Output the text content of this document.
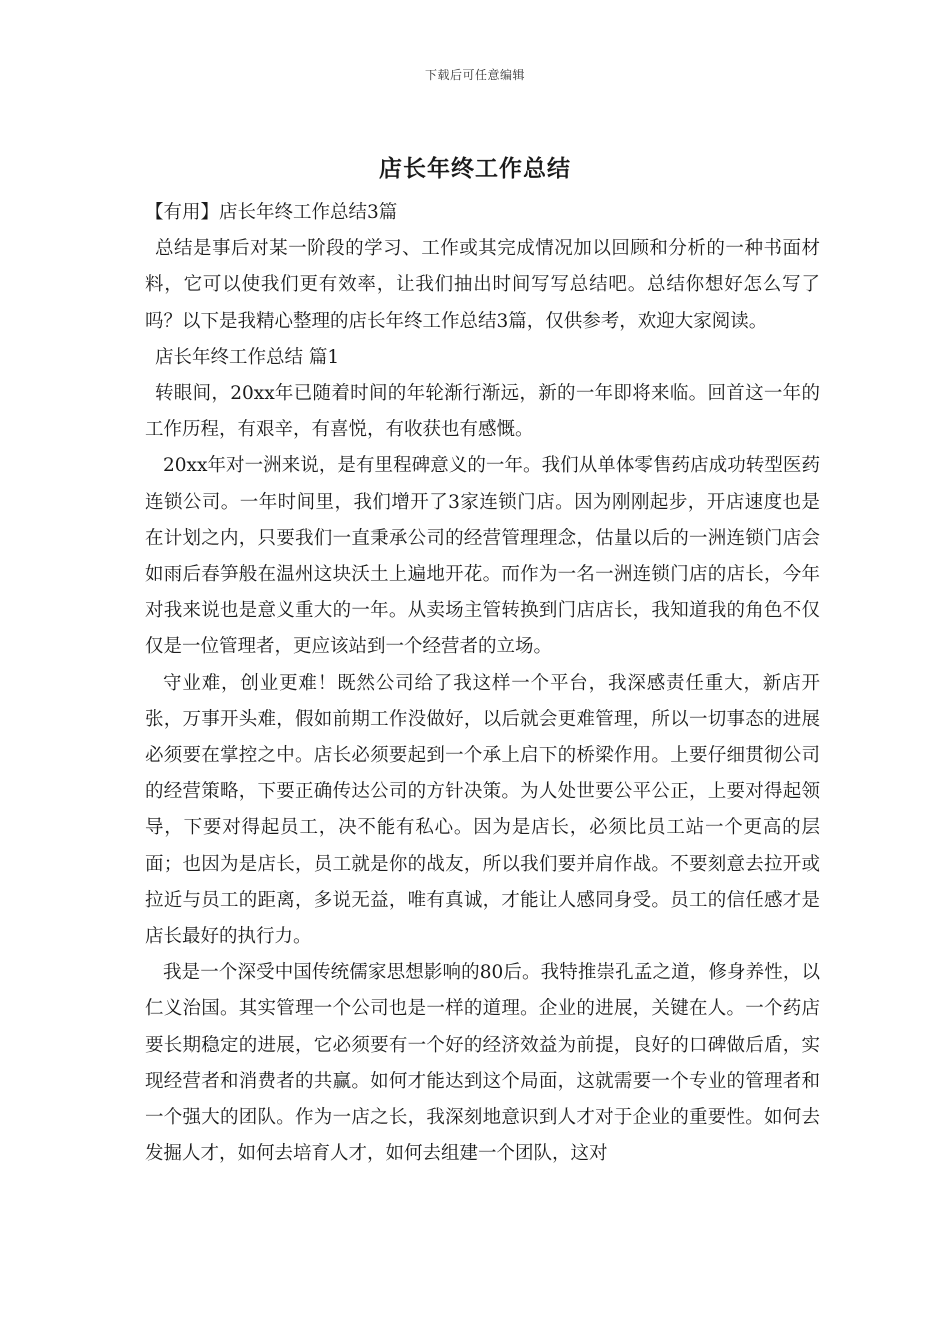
下载后可任意编辑
店长年终工作总结

【有用】店长年终工作总结3篇

总结是事后对某一阶段的学习、工作或其完成情况加以回顾和分析的一种书面材料，它可以使我们更有效率，让我们抽出时间写写总结吧。总结你想好怎么写了吗？以下是我精心整理的店长年终工作总结3篇，仅供参考，欢迎大家阅读。

店长年终工作总结 篇1

转眼间，20xx年已随着时间的年轮渐行渐远，新的一年即将来临。回首这一年的工作历程，有艰辛，有喜悦，有收获也有感慨。

20xx年对一洲来说，是有里程碑意义的一年。我们从单体零售药店成功转型医药连锁公司。一年时间里，我们增开了3家连锁门店。因为刚刚起步，开店速度也是在计划之内，只要我们一直秉承公司的经营管理理念，估量以后的一洲连锁门店会如雨后春笋般在温州这块沃土上遍地开花。而作为一名一洲连锁门店的店长，今年对我来说也是意义重大的一年。从卖场主管转换到门店店长，我知道我的角色不仅仅是一位管理者，更应该站到一个经营者的立场。

守业难，创业更难！既然公司给了我这样一个平台，我深感责任重大，新店开张，万事开头难，假如前期工作没做好，以后就会更难管理，所以一切事态的进展必须要在掌控之中。店长必须要起到一个承上启下的桥梁作用。上要仔细贯彻公司的经营策略，下要正确传达公司的方针决策。为人处世要公平公正，上要对得起领导，下要对得起员工，决不能有私心。因为是店长，必须比员工站一个更高的层面；也因为是店长，员工就是你的战友，所以我们要并肩作战。不要刻意去拉开或拉近与员工的距离，多说无益，唯有真诚，才能让人感同身受。员工的信任感才是店长最好的执行力。

我是一个深受中国传统儒家思想影响的80后。我特推崇孔孟之道，修身养性，以仁义治国。其实管理一个公司也是一样的道理。企业的进展，关键在人。一个药店要长期稳定的进展，它必须要有一个好的经济效益为前提，良好的口碑做后盾，实现经营者和消费者的共赢。如何才能达到这个局面，这就需要一个专业的管理者和一个强大的团队。作为一店之长，我深刻地意识到人才对于企业的重要性。如何去发掘人才，如何去培育人才，如何去组建一个团队，这对
